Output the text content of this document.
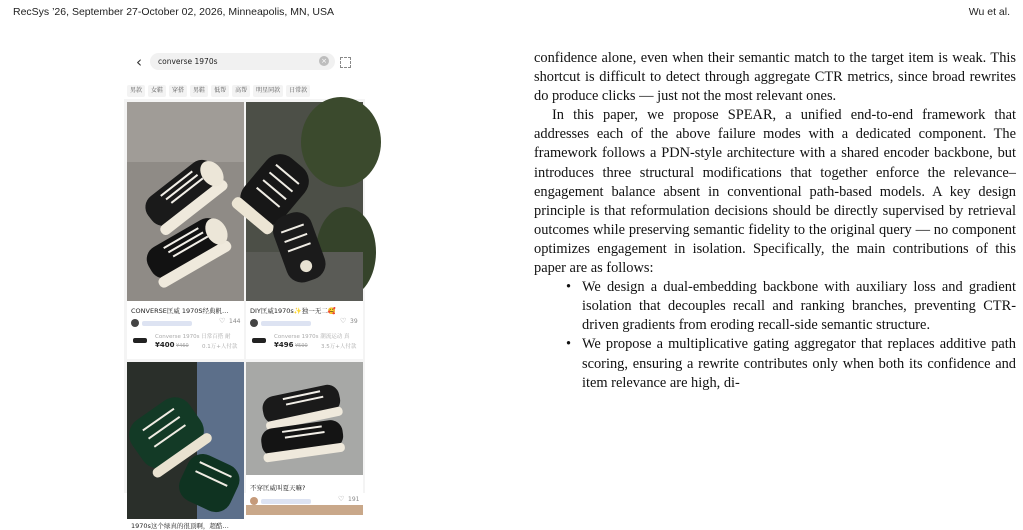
RecSys ’26, September 27-October 02, 2026, Minneapolis, MN, USA	Wu et al.
‹ converse 1970s	×
男款 女鞋 穿搭 男鞋 低帮 高帮 明星同款 日常款
CONVERSE匡威 1970S经典帆…
♡ 144
Converse 1970s 日常百搭 耐
¥400 ¥460 0.1万+人付款
DIY匡威1970s✨独一无二🥰
♡ 39
Converse 1970s 潮流运动 真
¥496 ¥590 3.5万+人付款
1970s这个绿真的很顶啊，超酷…
不穿匡威叫夏天嘛?
♡ 191

confidence alone, even when their semantic match to the target item is weak. This shortcut is difficult to detect through aggregate CTR metrics, since broad rewrites do produce clicks — just not the most relevant ones.

In this paper, we propose SPEAR, a unified end-to-end framework that addresses each of the above failure modes with a dedicated component. The framework follows a PDN-style architecture with a shared encoder backbone, but introduces three structural modifications that together enforce the relevance–engagement balance absent in conventional path-based models. A key design principle is that reformulation decisions should be directly supervised by retrieval outcomes while preserving semantic fidelity to the original query — no component optimizes engagement in isolation. Specifically, the main contributions of this paper are as follows:

• We design a dual-embedding backbone with auxiliary loss and gradient isolation that decouples recall and ranking branches, preventing CTR-driven gradients from eroding recall-side semantic structure.
• We propose a multiplicative gating aggregator that replaces additive path scoring, ensuring a rewrite contributes only when both its confidence and item relevance are high, di-
